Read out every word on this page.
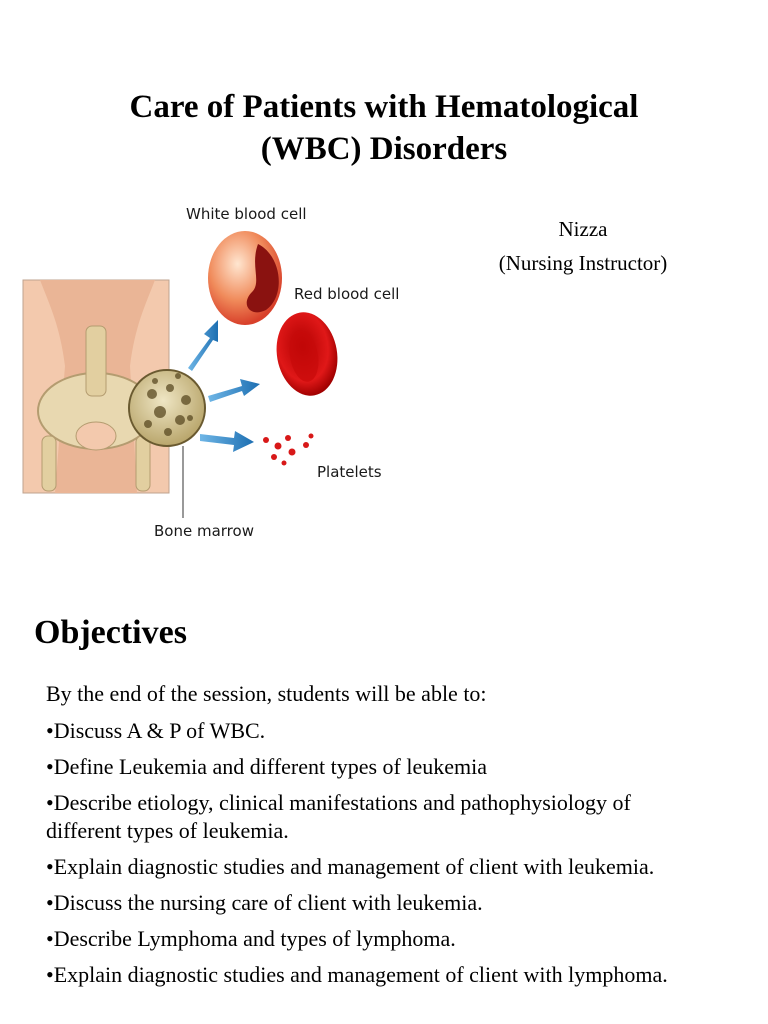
Care of Patients with Hematological
(WBC) Disorders
Nizza
(Nursing Instructor)
White blood cell
Red blood cell
Platelets
Bone marrow
Objectives
By the end of the session, students will be able to:
•Discuss A & P of WBC.
•Define Leukemia and different types of leukemia
•Describe etiology, clinical manifestations and pathophysiology of different types of leukemia.
•Explain diagnostic studies and management of client with leukemia.
•Discuss the nursing care of client with leukemia.
•Describe Lymphoma and types of lymphoma.
•Explain diagnostic studies and management of client with lymphoma.
